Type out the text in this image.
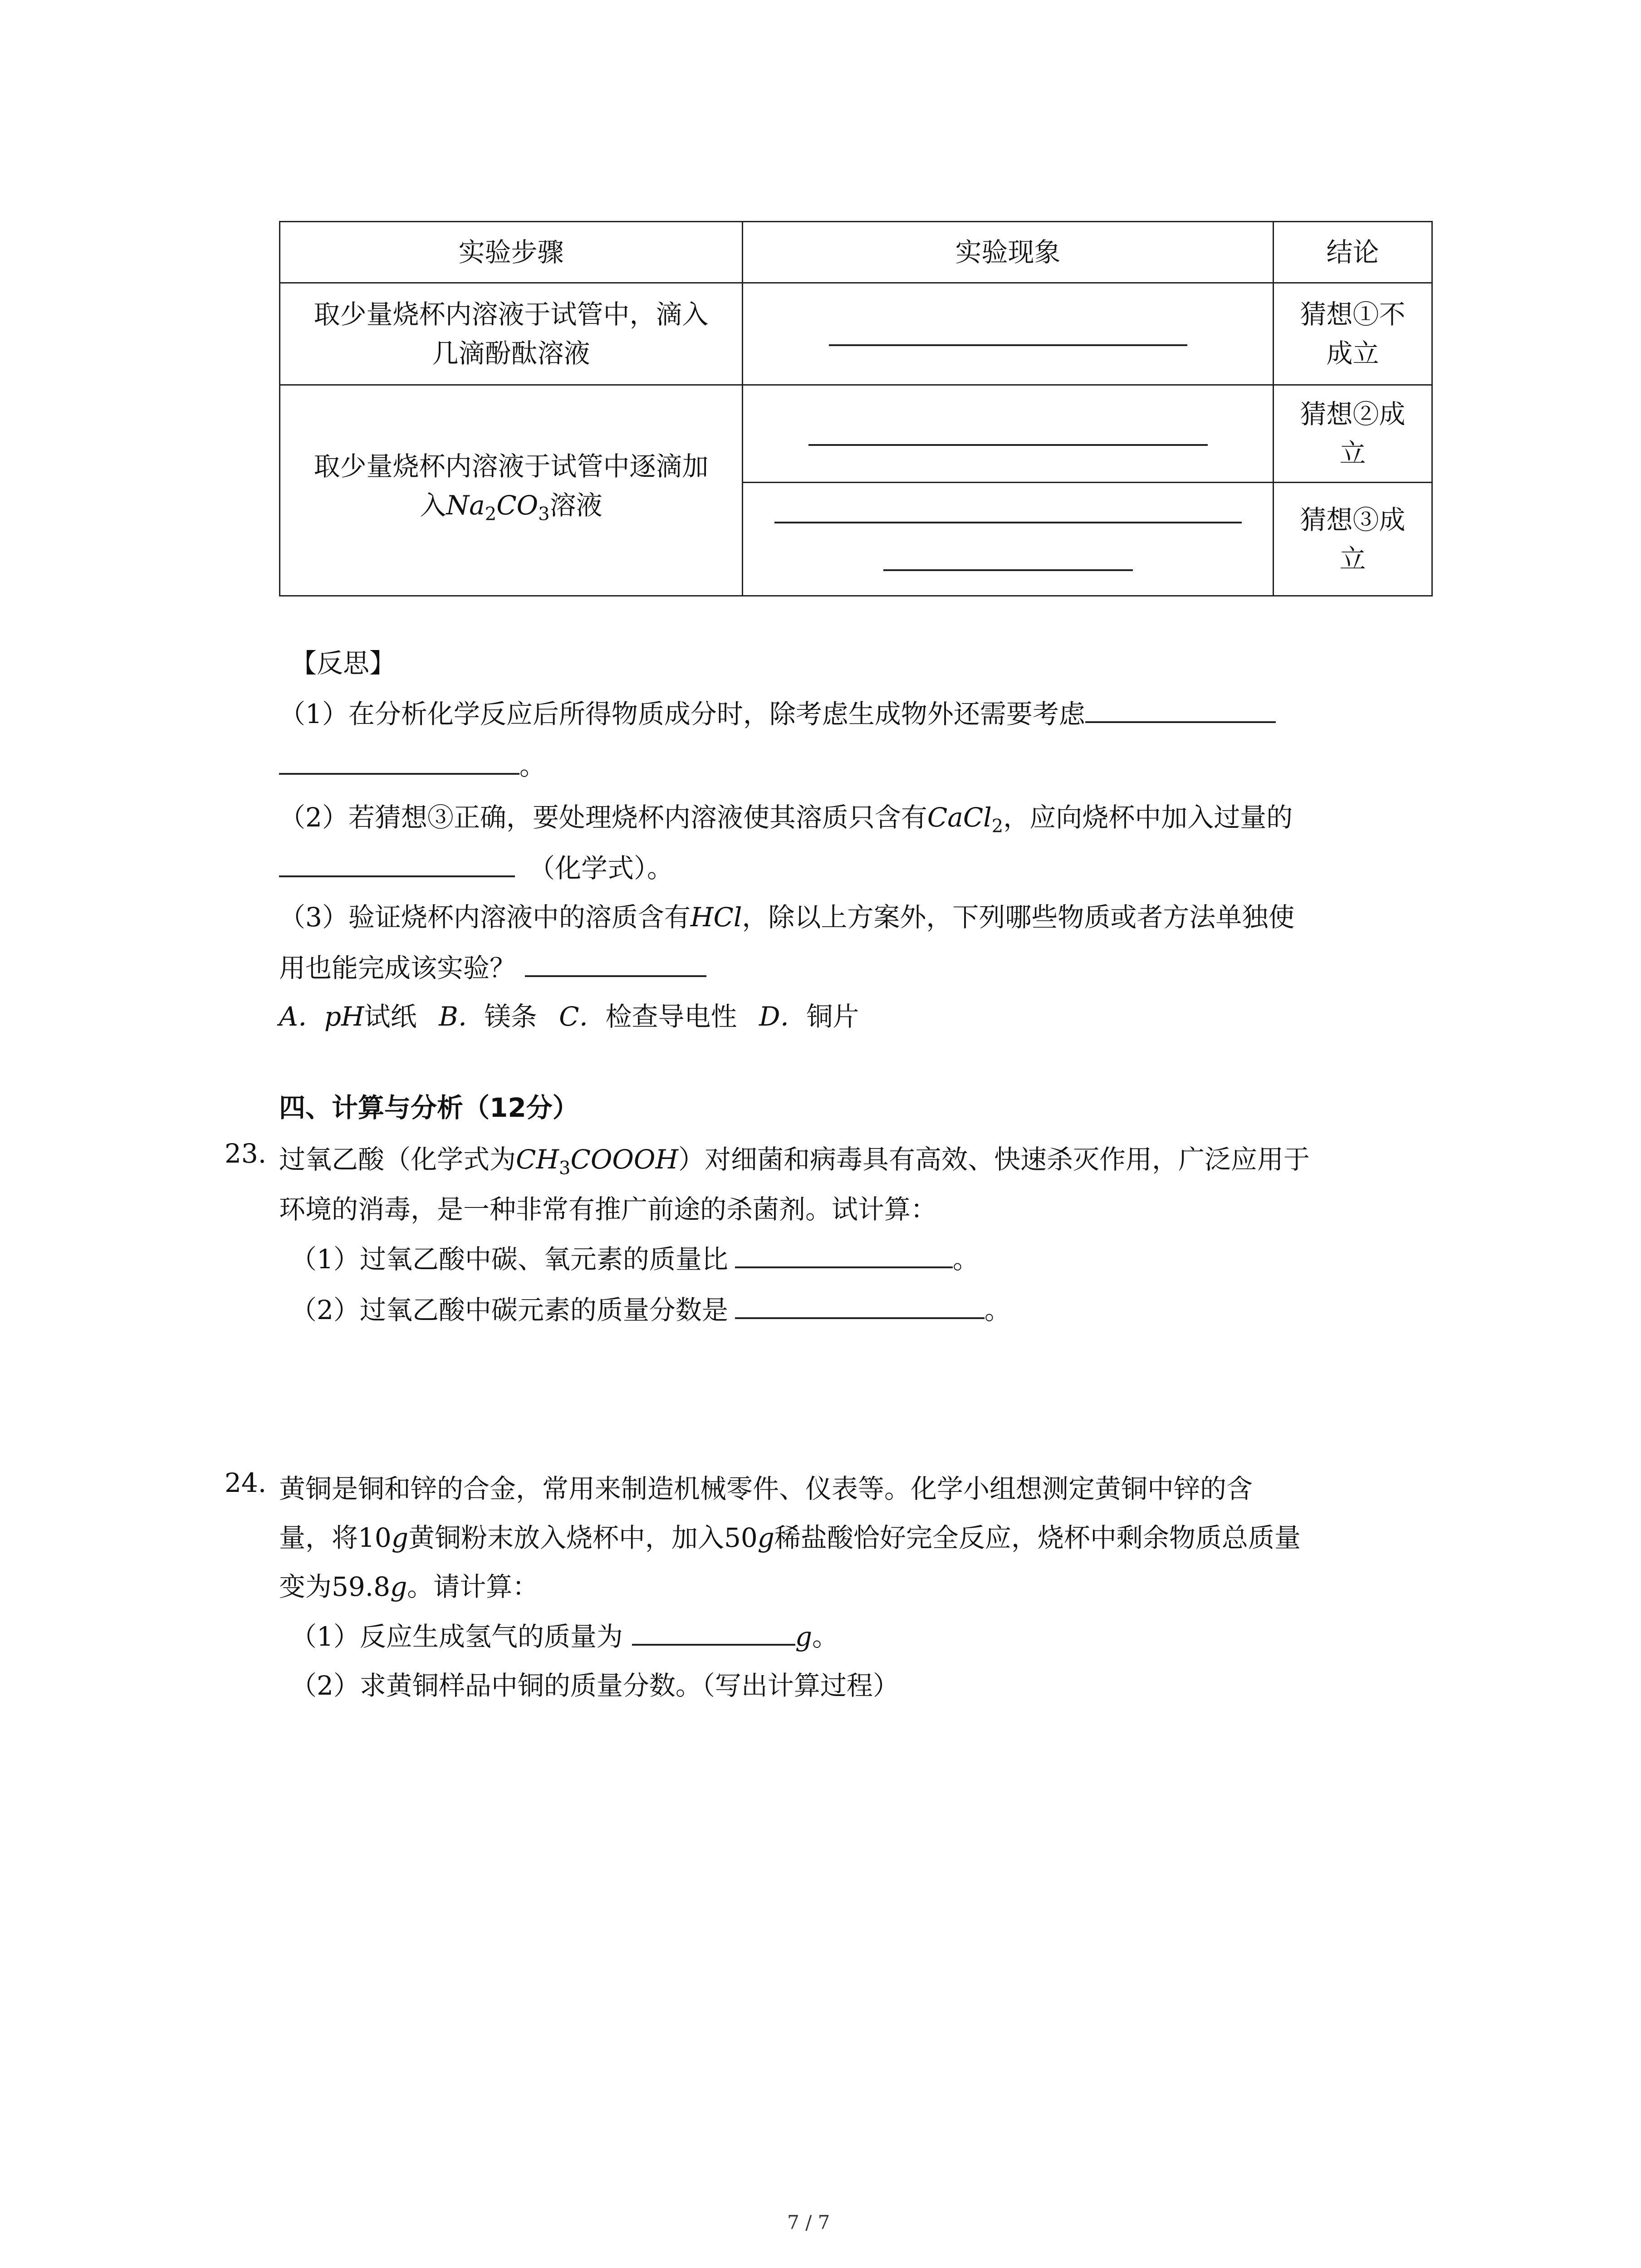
实验步骤	实验现象	结论
取少量烧杯内溶液于试管中，滴入几滴酚酞溶液		猜想①不成立
取少量烧杯内溶液于试管中逐滴加入$Na_2CO_3$溶液		猜想②成立

		猜想③成立
【反思】
（1）在分析化学反应后所得物质成分时，除考虑生成物外还需要考虑
。
（2）若猜想③正确，要处理烧杯内溶液使其溶质只含有CaCl$_2$，应向烧杯中加入过量的
（化学式）。
（3）验证烧杯内溶液中的溶质含有HCl，除以上方案外，下列哪些物质或者方法单独使
用也能完成该实验？
A．pH试纸 B．镁条 C．检查导电性 D．铜片
四、计算与分析（12分）
23. 过氧乙酸（化学式为$CH_3COOOH$）对细菌和病毒具有高效、快速杀灭作用，广泛应用于
环境的消毒，是一种非常有推广前途的杀菌剂。试计算：
（1）过氧乙酸中碳、氧元素的质量比	。
（2）过氧乙酸中碳元素的质量分数是	。
24. 黄铜是铜和锌的合金，常用来制造机械零件、仪表等。化学小组想测定黄铜中锌的含
量，将10g黄铜粉末放入烧杯中，加入50g稀盐酸恰好完全反应，烧杯中剩余物质总质量
变为59.8g。请计算：
（1）反应生成氢气的质量为	g。
（2）求黄铜样品中铜的质量分数。（写出计算过程）
7 / 7
